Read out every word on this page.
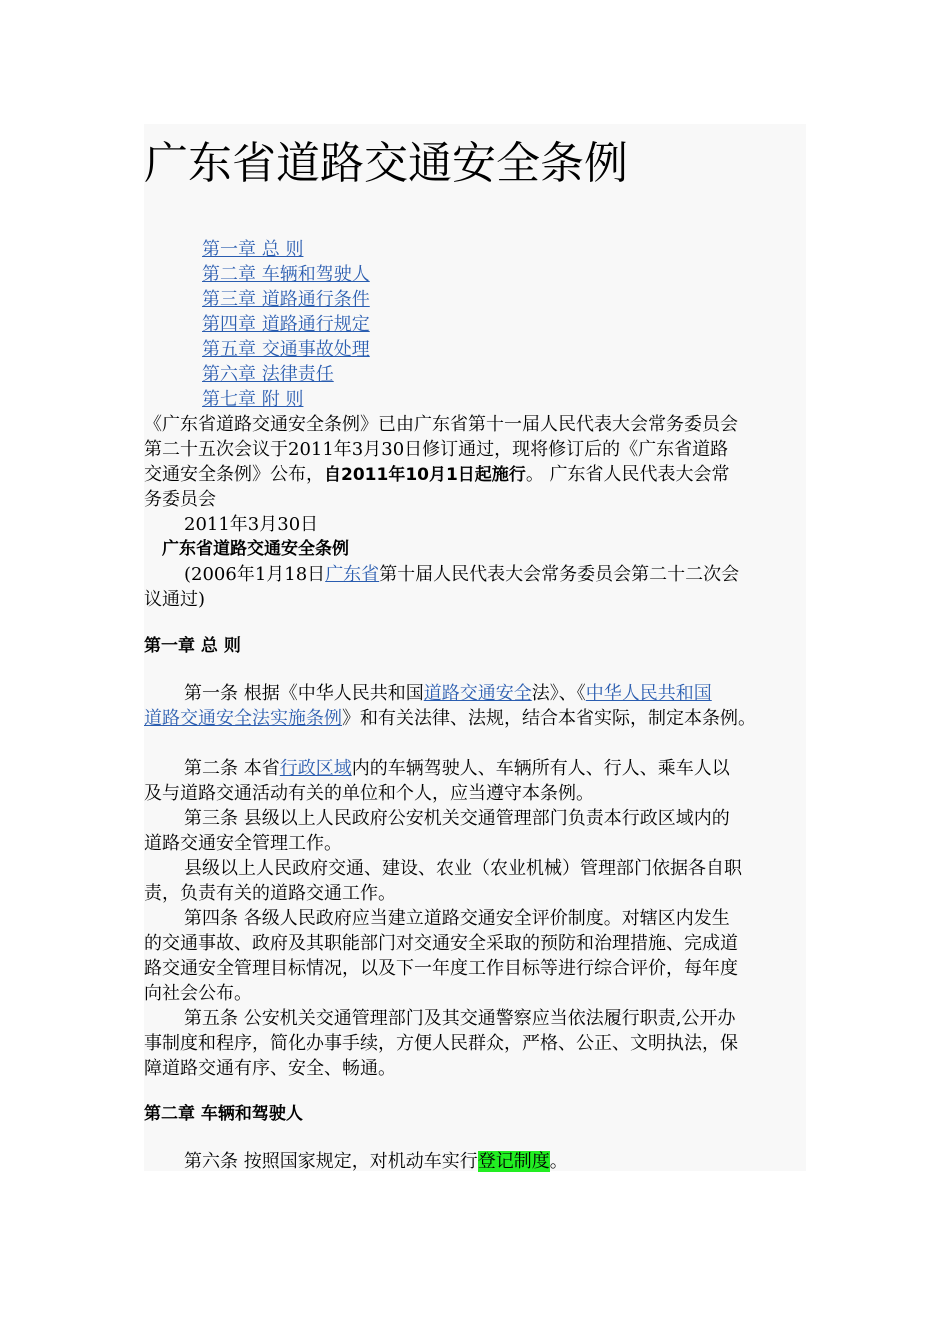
广东省道路交通安全条例
第一章 总 则
第二章 车辆和驾驶人
第三章 道路通行条件
第四章 道路通行规定
第五章 交通事故处理
第六章 法律责任
第七章 附 则
《广东省道路交通安全条例》已由广东省第十一届人民代表大会常务委员会
第二十五次会议于2011年3月30日修订通过，现将修订后的《广东省道路
交通安全条例》公布，自2011年10月1日起施行。 广东省人民代表大会常
务委员会
2011年3月30日
广东省道路交通安全条例
(2006年1月18日广东省第十届人民代表大会常务委员会第二十二次会
议通过)
第一章 总 则
第一条 根据《中华人民共和国道路交通安全法》、《中华人民共和国
道路交通安全法实施条例》和有关法律、法规，结合本省实际，制定本条例。
第二条 本省行政区域内的车辆驾驶人、车辆所有人、行人、乘车人以
及与道路交通活动有关的单位和个人，应当遵守本条例。
第三条 县级以上人民政府公安机关交通管理部门负责本行政区域内的
道路交通安全管理工作。
县级以上人民政府交通、建设、农业（农业机械）管理部门依据各自职
责，负责有关的道路交通工作。
第四条 各级人民政府应当建立道路交通安全评价制度。对辖区内发生
的交通事故、政府及其职能部门对交通安全采取的预防和治理措施、完成道
路交通安全管理目标情况，以及下一年度工作目标等进行综合评价，每年度
向社会公布。
第五条 公安机关交通管理部门及其交通警察应当依法履行职责,公开办
事制度和程序，简化办事手续，方便人民群众，严格、公正、文明执法，保
障道路交通有序、安全、畅通。
第二章 车辆和驾驶人
第六条 按照国家规定，对机动车实行登记制度。
